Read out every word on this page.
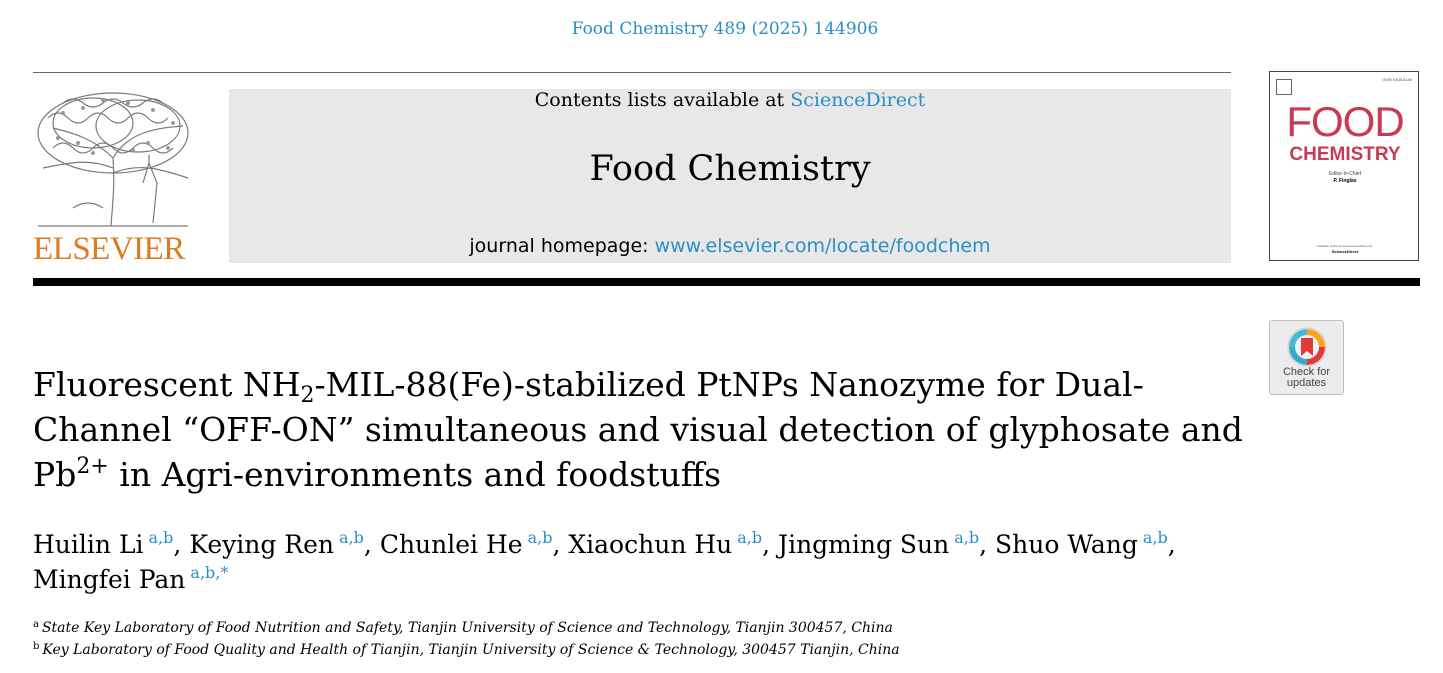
Food Chemistry 489 (2025) 144906
ELSEVIER
Contents lists available at ScienceDirect
Food Chemistry
journal homepage: www.elsevier.com/locate/foodchem
ISSN 0308-8146
FOOD
CHEMISTRY
Editor-in-Chief
P. Finglas
Available online at www.sciencedirect.com
ScienceDirect
Check for
updates
Fluorescent $NH_2-MIL-88(Fe)$-stabilized PtNPs Nanozyme for Dual-Channel “OFF-ON” simultaneous and visual detection of glyphosate and $Pb^{2+}$ in Agri-environments and foodstuffs
Huilin Li $^{a,b}$, Keying Ren $^{a,b}$, Chunlei He $^{a,b}$, Xiaochun Hu $^{a,b}$, Jingming Sun $^{a,b}$, Shuo Wang $^{a,b}$,
Mingfei Pan $^{a,b,*}$
$^a$ State Key Laboratory of Food Nutrition and Safety, Tianjin University of Science and Technology, Tianjin 300457, China
$^b$ Key Laboratory of Food Quality and Health of Tianjin, Tianjin University of Science & Technology, 300457 Tianjin, China
